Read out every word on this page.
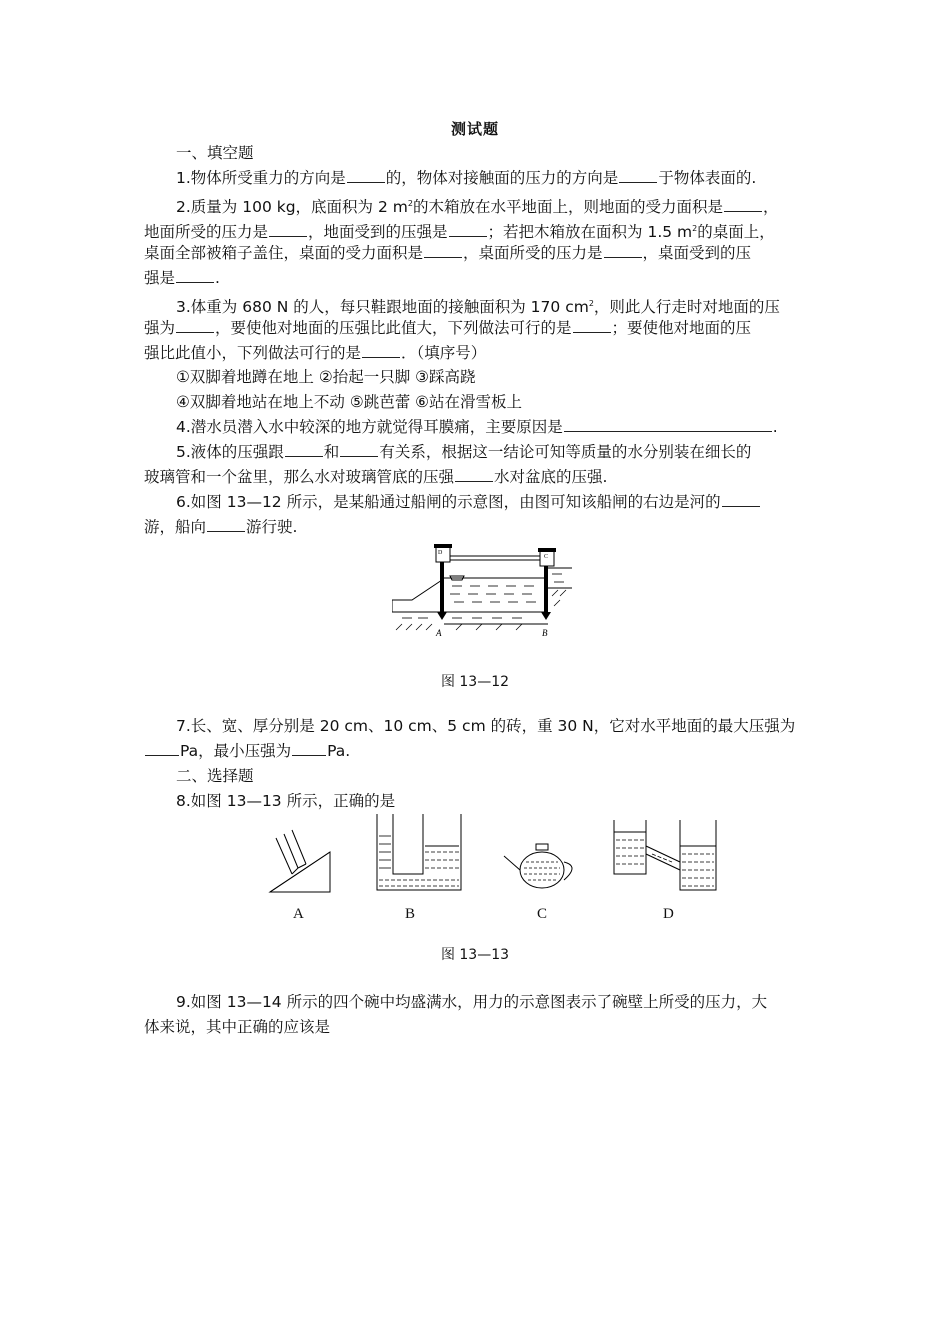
测试题
一、填空题
1.物体所受重力的方向是	的，物体对接触面的压力的方向是	于物体表面的.
2.质量为 100 kg，底面积为 2 $m^2$的木箱放在水平地面上，则地面的受力面积是	，
地面所受的压力是	，地面受到的压强是	；若把木箱放在面积为 1.5 $m^2$的桌面上，
桌面全部被箱子盖住，桌面的受力面积是	，桌面所受的压力是	，桌面受到的压
强是	.
3.体重为 680 N 的人，每只鞋跟地面的接触面积为 170 $cm^2$，则此人行走时对地面的压
强为	，要使他对地面的压强比此值大，下列做法可行的是	；要使他对地面的压
强比此值小，下列做法可行的是	．（填序号）
①双脚着地蹲在地上 ②抬起一只脚 ③踩高跷
④双脚着地站在地上不动 ⑤跳芭蕾 ⑥站在滑雪板上
4.潜水员潜入水中较深的地方就觉得耳膜痛，主要原因是	.
5.液体的压强跟	和	有关系，根据这一结论可知等质量的水分别装在细长的
玻璃管和一个盆里，那么水对玻璃管底的压强	水对盆底的压强.
6.如图 13—12 所示，是某船通过船闸的示意图，由图可知该船闸的右边是河的
游，船向	游行驶.
D
C
A	B
图 13—12
7.长、宽、厚分别是 20 cm、10 cm、5 cm 的砖，重 30 N，它对水平地面的最大压强为
Pa，最小压强为 Pa.
二、选择题
8.如图 13—13 所示，正确的是
A	B	C	D
图 13—13
9.如图 13—14 所示的四个碗中均盛满水，用力的示意图表示了碗壁上所受的压力，大
体来说，其中正确的应该是
